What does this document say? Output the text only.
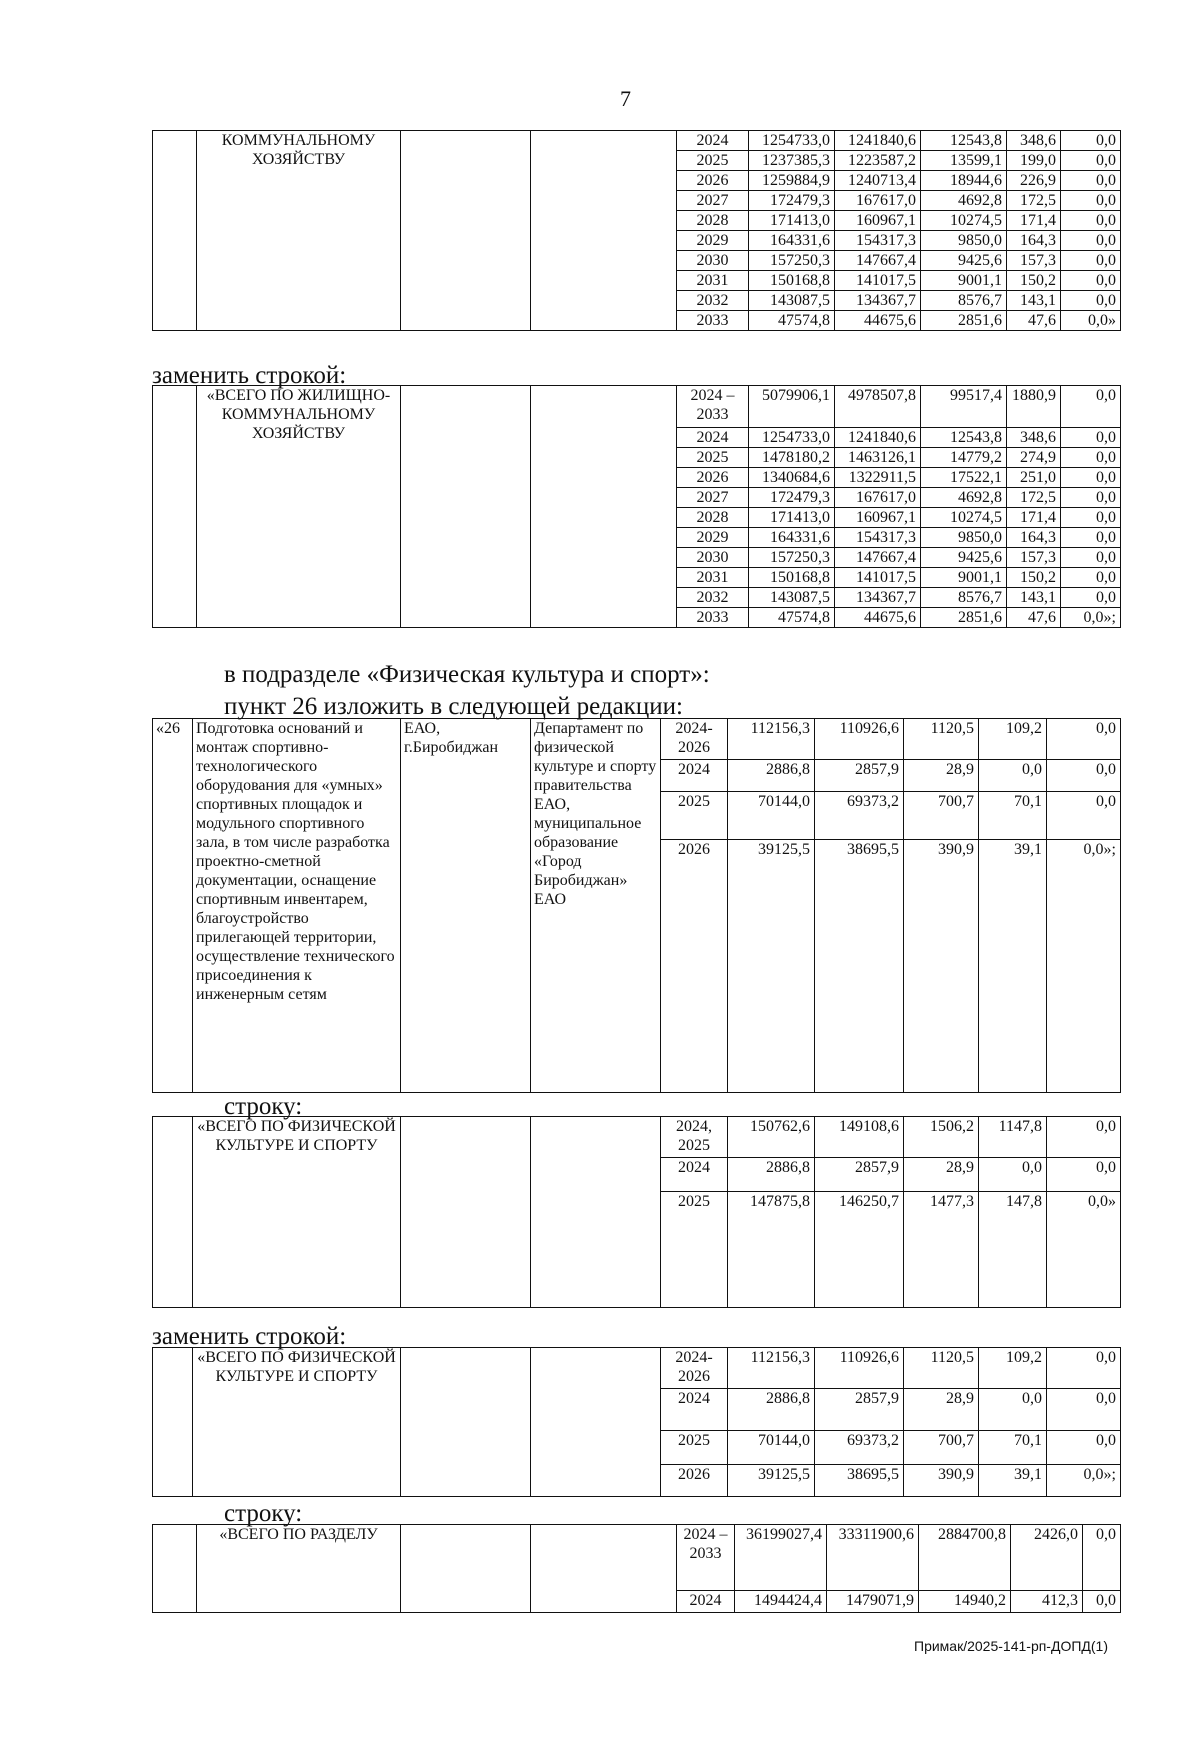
7
	КОММУНАЛЬНОМУ ХОЗЯЙСТВУ			2024	1254733,0	1241840,6	12543,8	348,6	0,0
				2025	1237385,3	1223587,2	13599,1	199,0	0,0
				2026	1259884,9	1240713,4	18944,6	226,9	0,0
				2027	172479,3	167617,0	4692,8	172,5	0,0
				2028	171413,0	160967,1	10274,5	171,4	0,0
				2029	164331,6	154317,3	9850,0	164,3	0,0
				2030	157250,3	147667,4	9425,6	157,3	0,0
				2031	150168,8	141017,5	9001,1	150,2	0,0
				2032	143087,5	134367,7	8576,7	143,1	0,0
				2033	47574,8	44675,6	2851,6	47,6	0,0»
заменить строкой:
	«ВСЕГО ПО ЖИЛИЩНО-КОММУНАЛЬНОМУ ХОЗЯЙСТВУ			2024 – 2033	5079906,1	4978507,8	99517,4	1880,9	0,0
				2024	1254733,0	1241840,6	12543,8	348,6	0,0
				2025	1478180,2	1463126,1	14779,2	274,9	0,0
				2026	1340684,6	1322911,5	17522,1	251,0	0,0
				2027	172479,3	167617,0	4692,8	172,5	0,0
				2028	171413,0	160967,1	10274,5	171,4	0,0
				2029	164331,6	154317,3	9850,0	164,3	0,0
				2030	157250,3	147667,4	9425,6	157,3	0,0
				2031	150168,8	141017,5	9001,1	150,2	0,0
				2032	143087,5	134367,7	8576,7	143,1	0,0
				2033	47574,8	44675,6	2851,6	47,6	0,0»;
в подразделе «Физическая культура и спорт»:
пункт 26 изложить в следующей редакции:
«26	Подготовка оснований и монтаж спортивно-технологического оборудования для «умных» спортивных площадок и модульного спортивного зала, в том числе разработка проектно-сметной документации, оснащение спортивным инвентарем, благоустройство прилегающей территории, осуществление технического присоединения к инженерным сетям	ЕАО, г.Биробиджан	Департамент по физической культуре и спорту правительства ЕАО, муниципальное образование «Город Биробиджан» ЕАО	2024-2026	112156,3	110926,6	1120,5	109,2	0,0
				2024	2886,8	2857,9	28,9	0,0	0,0
				2025	70144,0	69373,2	700,7	70,1	0,0
				2026	39125,5	38695,5	390,9	39,1	0,0»;
строку:
	«ВСЕГО ПО ФИЗИЧЕСКОЙ КУЛЬТУРЕ И СПОРТУ			2024, 2025	150762,6	149108,6	1506,2	1147,8	0,0
				2024	2886,8	2857,9	28,9	0,0	0,0
				2025	147875,8	146250,7	1477,3	147,8	0,0»
заменить строкой:
	«ВСЕГО ПО ФИЗИЧЕСКОЙ КУЛЬТУРЕ И СПОРТУ			2024-2026	112156,3	110926,6	1120,5	109,2	0,0
				2024	2886,8	2857,9	28,9	0,0	0,0
				2025	70144,0	69373,2	700,7	70,1	0,0
				2026	39125,5	38695,5	390,9	39,1	0,0»;
строку:
	«ВСЕГО ПО РАЗДЕЛУ			2024 – 2033	36199027,4	33311900,6	2884700,8	2426,0	0,0
				2024	1494424,4	1479071,9	14940,2	412,3	0,0
Примак/2025-141-рп-ДОПД(1)
